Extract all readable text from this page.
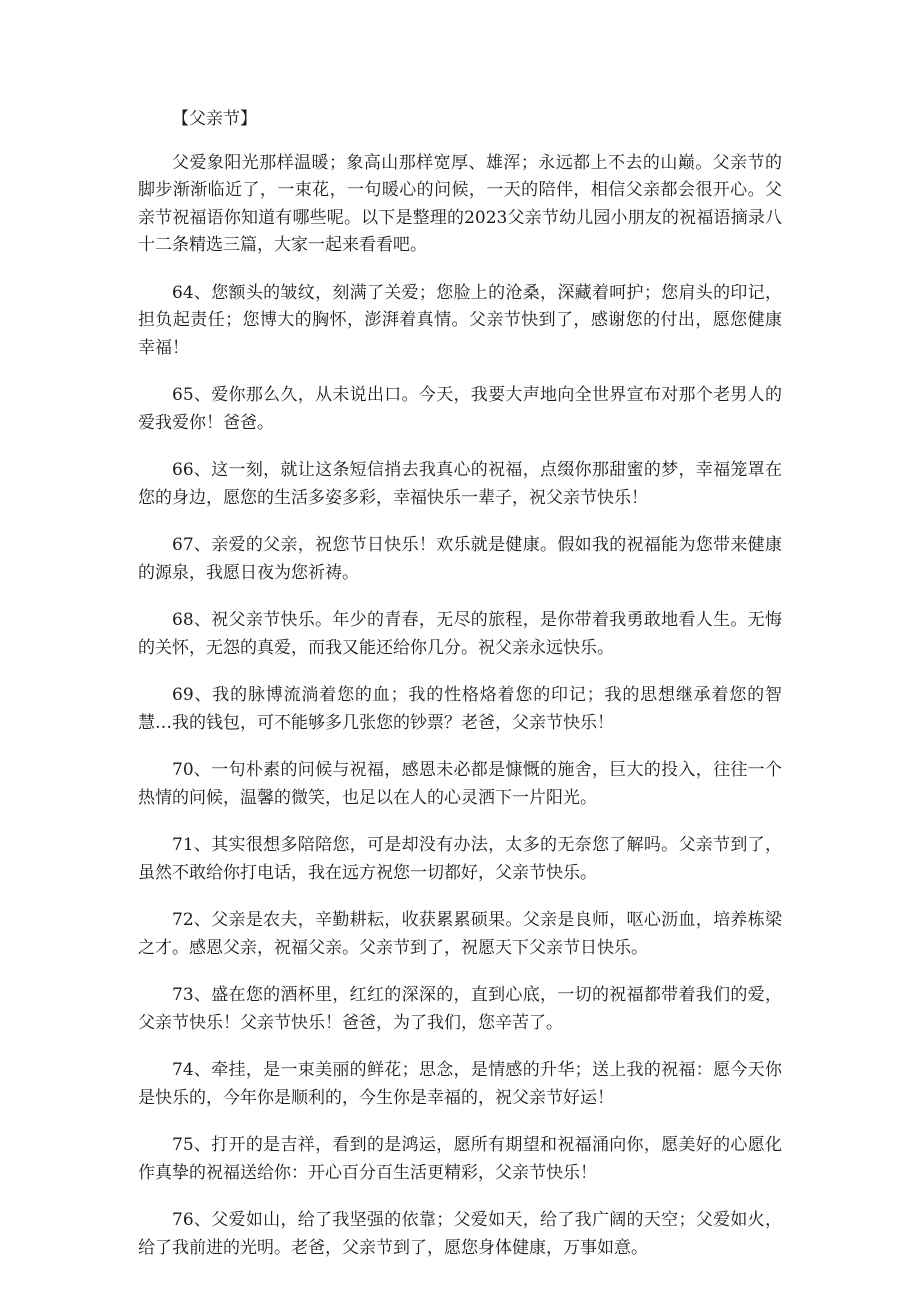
【父亲节】

父爱象阳光那样温暖；象高山那样宽厚、雄浑；永远都上不去的山巅。父亲节的脚步渐渐临近了，一束花，一句暖心的问候，一天的陪伴，相信父亲都会很开心。父亲节祝福语你知道有哪些呢。以下是整理的2023父亲节幼儿园小朋友的祝福语摘录八十二条精选三篇，大家一起来看看吧。

64、您额头的皱纹，刻满了关爱；您脸上的沧桑，深藏着呵护；您肩头的印记，担负起责任；您博大的胸怀，澎湃着真情。父亲节快到了，感谢您的付出，愿您健康幸福！

65、爱你那么久，从未说出口。今天，我要大声地向全世界宣布对那个老男人的爱我爱你！爸爸。

66、这一刻，就让这条短信捎去我真心的祝福，点缀你那甜蜜的梦，幸福笼罩在您的身边，愿您的生活多姿多彩，幸福快乐一辈子，祝父亲节快乐！

67、亲爱的父亲，祝您节日快乐！欢乐就是健康。假如我的祝福能为您带来健康的源泉，我愿日夜为您祈祷。

68、祝父亲节快乐。年少的青春，无尽的旅程，是你带着我勇敢地看人生。无悔的关怀，无怨的真爱，而我又能还给你几分。祝父亲永远快乐。

69、我的脉博流淌着您的血；我的性格烙着您的印记；我的思想继承着您的智慧…我的钱包，可不能够多几张您的钞票？老爸，父亲节快乐！

70、一句朴素的问候与祝福，感恩未必都是慷慨的施舍，巨大的投入，往往一个热情的问候，温馨的微笑，也足以在人的心灵洒下一片阳光。

71、其实很想多陪陪您，可是却没有办法，太多的无奈您了解吗。父亲节到了，虽然不敢给你打电话，我在远方祝您一切都好，父亲节快乐。

72、父亲是农夫，辛勤耕耘，收获累累硕果。父亲是良师，呕心沥血，培养栋梁之才。感恩父亲，祝福父亲。父亲节到了，祝愿天下父亲节日快乐。

73、盛在您的酒杯里，红红的深深的，直到心底，一切的祝福都带着我们的爱，父亲节快乐！父亲节快乐！爸爸，为了我们，您辛苦了。

74、牵挂，是一束美丽的鲜花；思念，是情感的升华；送上我的祝福：愿今天你是快乐的，今年你是顺利的，今生你是幸福的，祝父亲节好运！

75、打开的是吉祥，看到的是鸿运，愿所有期望和祝福涌向你，愿美好的心愿化作真挚的祝福送给你：开心百分百生活更精彩，父亲节快乐！

76、父爱如山，给了我坚强的依靠；父爱如天，给了我广阔的天空；父爱如火，给了我前进的光明。老爸，父亲节到了，愿您身体健康，万事如意。
